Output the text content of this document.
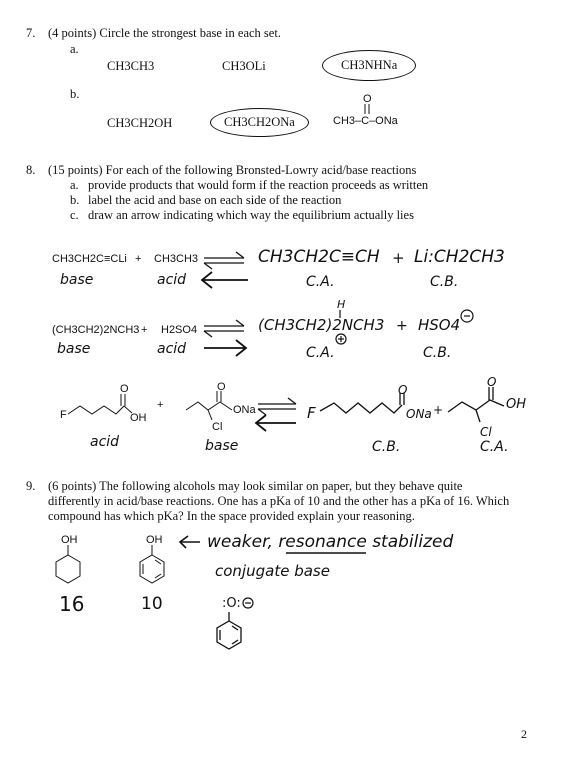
7. (4 points) Circle the strongest base in each set.
a.
CH3CH3	CH3OLi	CH3NHNa
b.
CH3CH2OH	CH3CH2ONa
O
CH3–C–ONa
8. (15 points) For each of the following Bronsted-Lowry acid/base reactions
a. provide products that would form if the reaction proceeds as written
b. label the acid and base on each side of the reaction
c. draw an arrow indicating which way the equilibrium actually lies
CH3CH2C≡CLi + CH3CH3	CH3CH2C≡CH + Li:CH2CH3
base	acid	C.A.	C.B.
H
(CH3CH2)2NCH3 + H2SO4	(CH3CH2)2NCH3 + HSO4
base	acid	C.A.	C.B.
F
O
OH
+
O
ONa
Cl
F
O
ONa +
O
OH
Cl
acid	base	C.B.	C.A.
9. (6 points) The following alcohols may look similar on paper, but they behave quite
differently in acid/base reactions. One has a pKa of 10 and the other has a pKa of 16. Which
compound has which pKa? In the space provided explain your reasoning.
OH	OH
16	10
weaker, resonance stabilized
conjugate base
:O:
2
